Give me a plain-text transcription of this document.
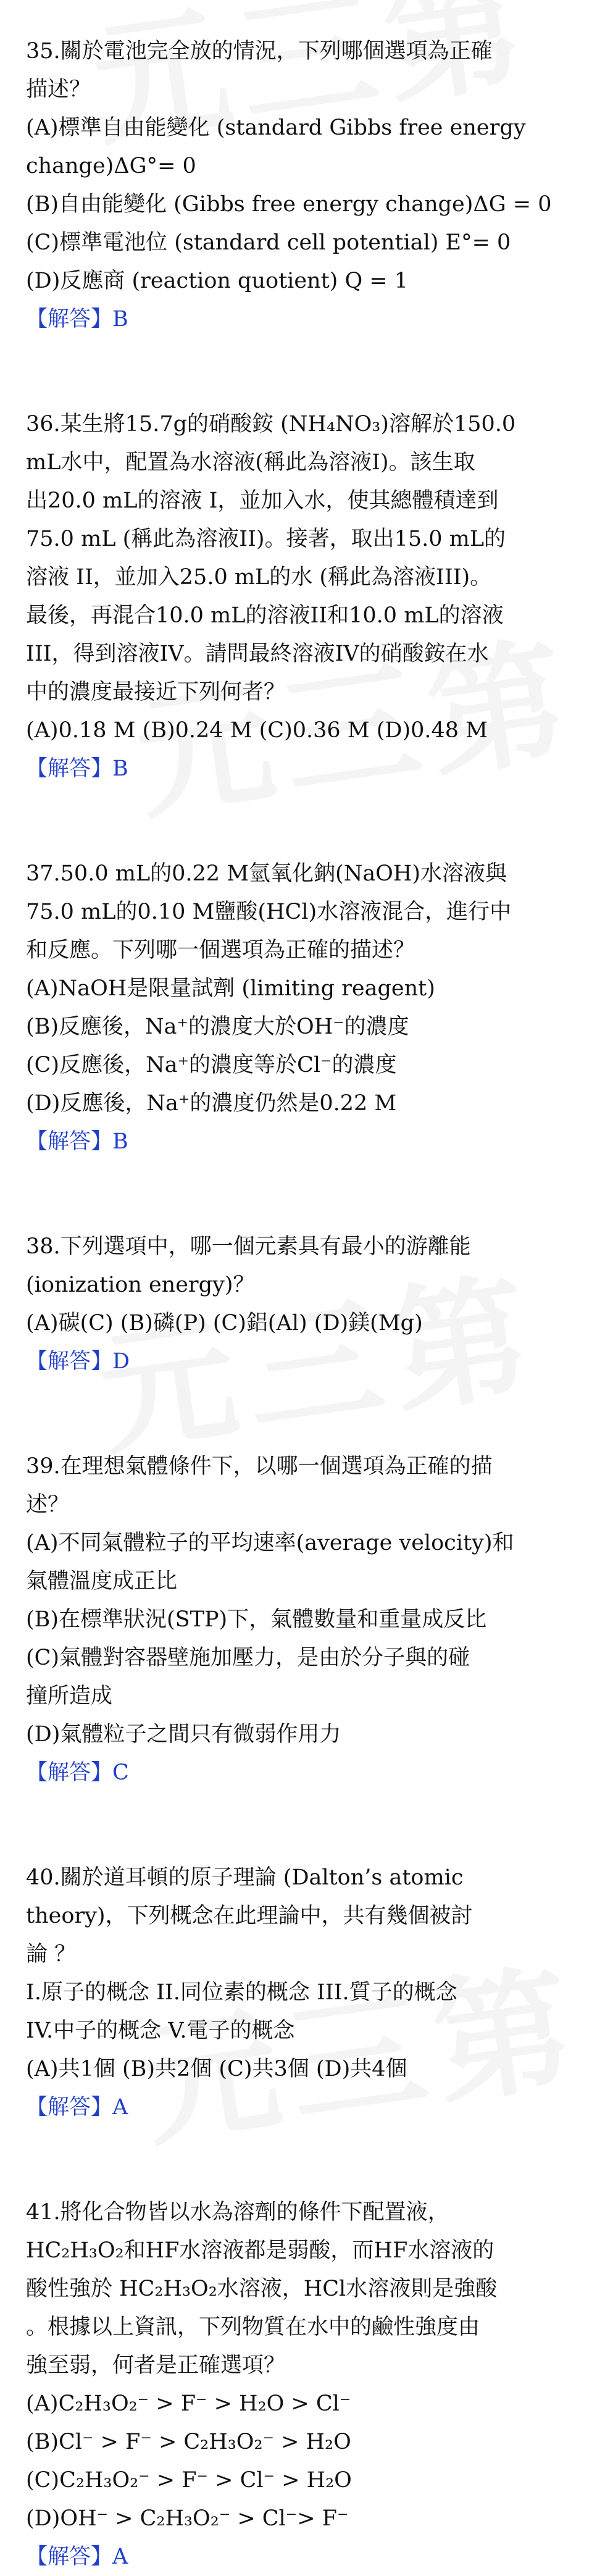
35.關於電池完全放的情況，下列哪個選項為正確
描述？
(A)標準自由能變化 (standard Gibbs free energy
change)ΔG°= 0
(B)自由能變化 (Gibbs free energy change)ΔG = 0
(C)標準電池位 (standard cell potential) E°= 0
(D)反應商 (reaction quotient) Q = 1
【解答】B
36.某生將15.7g的硝酸銨 (NH₄NO₃)溶解於150.0
mL水中，配置為水溶液(稱此為溶液I)。該生取
出20.0 mL的溶液 I，並加入水，使其總體積達到
75.0 mL (稱此為溶液II)。接著，取出15.0 mL的
溶液 II，並加入25.0 mL的水 (稱此為溶液III)。
最後，再混合10.0 mL的溶液II和10.0 mL的溶液
III，得到溶液IV。請問最終溶液IV的硝酸銨在水
中的濃度最接近下列何者？
(A)0.18 M (B)0.24 M (C)0.36 M (D)0.48 M
【解答】B
37.50.0 mL的0.22 M氫氧化鈉(NaOH)水溶液與
75.0 mL的0.10 M鹽酸(HCl)水溶液混合，進行中
和反應。下列哪一個選項為正確的描述？
(A)NaOH是限量試劑 (limiting reagent)
(B)反應後，Na⁺的濃度大於OH⁻的濃度
(C)反應後，Na⁺的濃度等於Cl⁻的濃度
(D)反應後，Na⁺的濃度仍然是0.22 M
【解答】B
38.下列選項中，哪一個元素具有最小的游離能
(ionization energy)？
(A)碳(C) (B)磷(P) (C)鋁(Al) (D)鎂(Mg)
【解答】D
39.在理想氣體條件下，以哪一個選項為正確的描
述？
(A)不同氣體粒子的平均速率(average velocity)和
氣體溫度成正比
(B)在標準狀況(STP)下，氣體數量和重量成反比
(C)氣體對容器壁施加壓力，是由於分子與的碰
撞所造成
(D)氣體粒子之間只有微弱作用力
【解答】C
40.關於道耳頓的原子理論 (Dalton’s atomic
theory)，下列概念在此理論中，共有幾個被討
論 ？
I.原子的概念 II.同位素的概念 III.質子的概念
IV.中子的概念 V.電子的概念
(A)共1個 (B)共2個 (C)共3個 (D)共4個
【解答】A
41.將化合物皆以水為溶劑的條件下配置液，
HC₂H₃O₂和HF水溶液都是弱酸，而HF水溶液的
酸性強於 HC₂H₃O₂水溶液，HCl水溶液則是強酸
。根據以上資訊，下列物質在水中的鹼性強度由
強至弱，何者是正確選項？
(A)C₂H₃O₂⁻ > F⁻ > H₂O > Cl⁻
(B)Cl⁻ > F⁻ > C₂H₃O₂⁻ > H₂O
(C)C₂H₃O₂⁻ > F⁻ > Cl⁻ > H₂O
(D)OH⁻ > C₂H₃O₂⁻ > Cl⁻> F⁻
【解答】A
